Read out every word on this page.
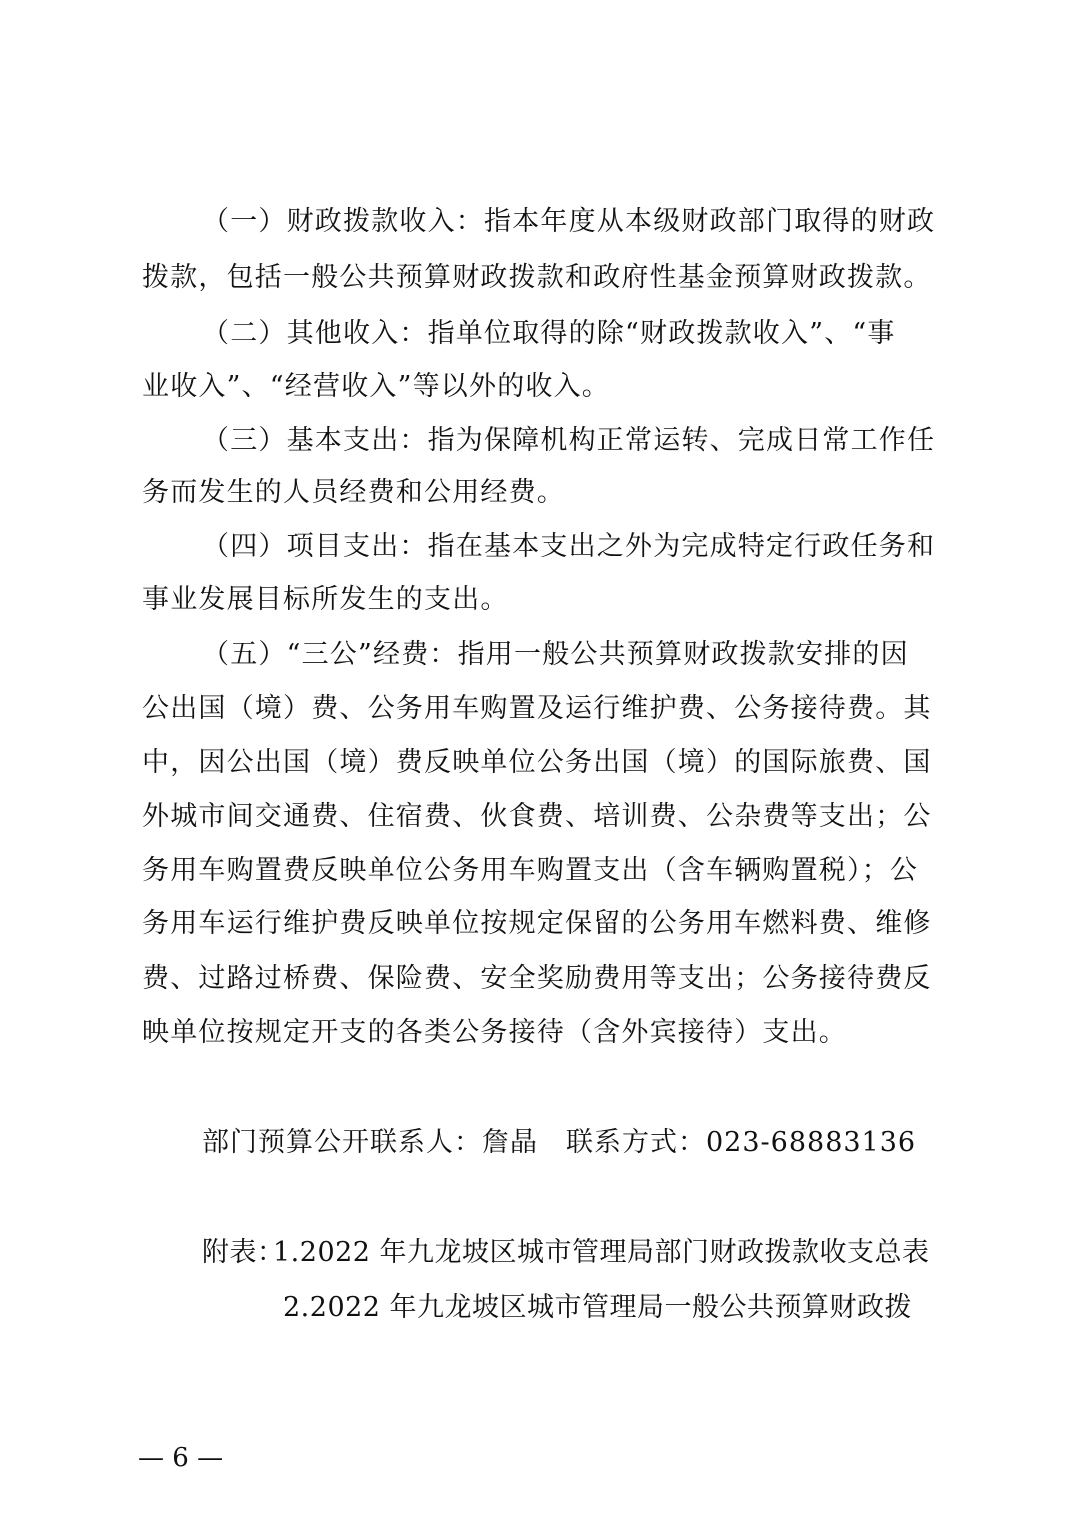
（一）财政拨款收入：指本年度从本级财政部门取得的财政
拨款，包括一般公共预算财政拨款和政府性基金预算财政拨款。
（二）其他收入：指单位取得的除“财政拨款收入”、“事
业收入”、“经营收入”等以外的收入。
（三）基本支出：指为保障机构正常运转、完成日常工作任
务而发生的人员经费和公用经费。
（四）项目支出：指在基本支出之外为完成特定行政任务和
事业发展目标所发生的支出。
（五）“三公”经费：指用一般公共预算财政拨款安排的因
公出国（境）费、公务用车购置及运行维护费、公务接待费。其
中，因公出国（境）费反映单位公务出国（境）的国际旅费、国
外城市间交通费、住宿费、伙食费、培训费、公杂费等支出；公
务用车购置费反映单位公务用车购置支出（含车辆购置税）；公
务用车运行维护费反映单位按规定保留的公务用车燃料费、维修
费、过路过桥费、保险费、安全奖励费用等支出；公务接待费反
映单位按规定开支的各类公务接待（含外宾接待）支出。
部门预算公开联系人：詹晶 联系方式：023-68883136
附表：
1.2022 年九龙坡区城市管理局部门财政拨款收支总表
2.2022 年九龙坡区城市管理局一般公共预算财政拨
— 6 —
